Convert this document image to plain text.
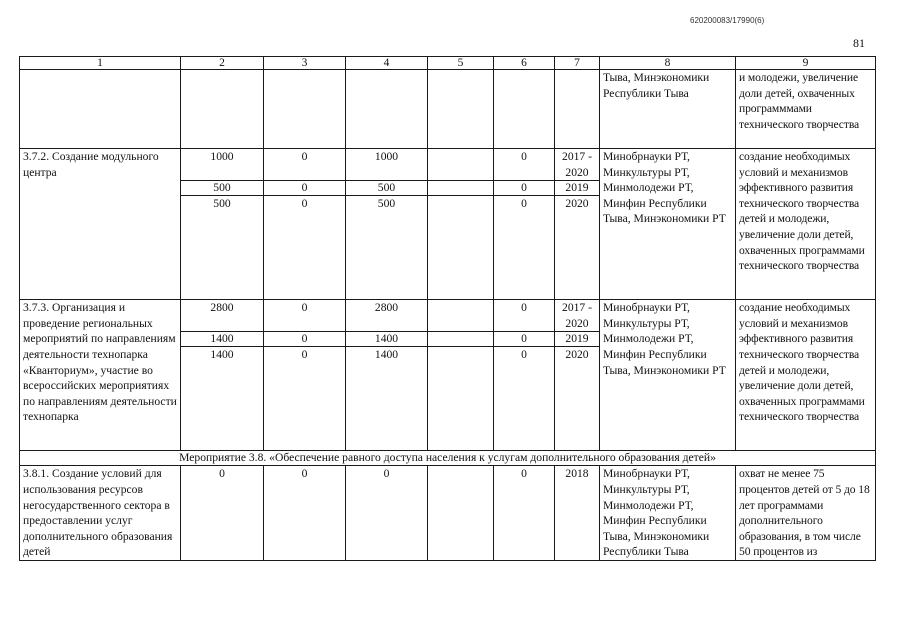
620200083/17990(6)
81
1	2	3	4	5	6	7	8	9
							Тыва, Минэкономики Республики Тыва	и молодежи, увеличение доли детей, охваченных программмами технического творчества
3.7.2. Создание модульного центра	1000	0	1000		0	2017 - 2020	Минобрнауки РТ, Минкультуры РТ, Минмолодежи РТ, Минфин Республики Тыва, Минэкономики РТ	создание необходимых условий и механизмов эффективного развития технического творчества детей и молодежи, увеличение доли детей, охваченных программами технического творчества
	500	0	500		0	2019		
	500	0	500		0	2020		
3.7.3. Организация и проведение региональных мероприятий по направлениям деятельности технопарка «Кванториум», участие во всероссийских мероприятиях по направлениям деятельности технопарка	2800	0	2800		0	2017 - 2020	Минобрнауки РТ, Минкультуры РТ, Минмолодежи РТ, Минфин Республики Тыва, Минэкономики РТ	создание необходимых условий и механизмов эффективного развития технического творчества детей и молодежи, увеличение доли детей, охваченных программами технического творчества
	1400	0	1400		0	2019		
	1400	0	1400		0	2020		
Мероприятие 3.8. «Обеспечение равного доступа населения к услугам дополнительного образования детей»								
3.8.1. Создание условий для использования ресурсов негосударственного сектора в предоставлении услуг дополнительного образования детей	0	0	0		0	2018	Минобрнауки РТ, Минкультуры РТ, Минмолодежи РТ, Минфин Республики Тыва, Минэкономики Республики Тыва	охват не менее 75 процентов детей от 5 до 18 лет программами дополнительного образования, в том числе 50 процентов из
